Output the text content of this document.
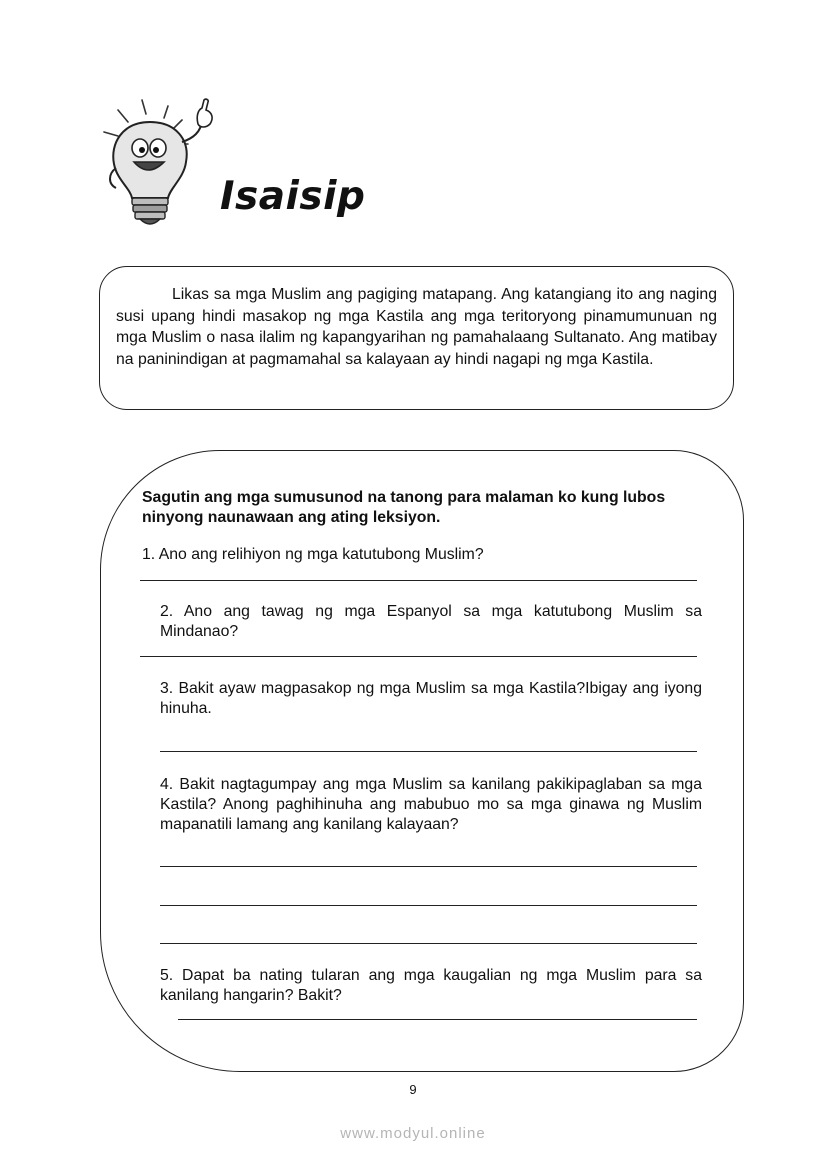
Isaisip

Likas sa mga Muslim ang pagiging matapang. Ang katangiang ito ang naging susi upang hindi masakop ng mga Kastila ang mga teritoryong pinamumunuan ng mga Muslim o nasa ilalim ng kapangyarihan ng pamahalaang Sultanato. Ang matibay na paninindigan at pagmamahal sa kalayaan ay hindi nagapi ng mga Kastila.

Sagutin ang mga sumusunod na tanong para malaman ko kung lubos ninyong naunawaan ang ating leksiyon.

1. Ano ang relihiyon ng mga katutubong Muslim?

2. Ano ang tawag ng mga Espanyol sa mga katutubong Muslim sa Mindanao?

3. Bakit ayaw magpasakop ng mga Muslim sa mga Kastila?Ibigay ang iyong hinuha.

4. Bakit nagtagumpay ang mga Muslim sa kanilang pakikipaglaban sa mga Kastila? Anong paghihinuha ang mabubuo mo sa mga ginawa ng Muslim mapanatili lamang ang kanilang kalayaan?

5. Dapat ba nating tularan ang mga kaugalian ng mga Muslim para sa kanilang hangarin? Bakit?

9

www.modyul.online
